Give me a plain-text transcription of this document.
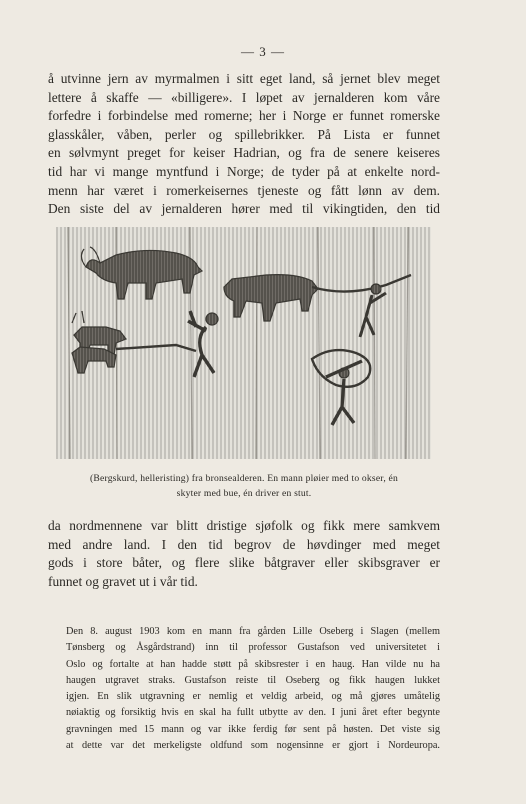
— 3 —

å utvinne jern av myrmalmen i sitt eget land, så jernet blev meget
lettere å skaffe — «billigere». I løpet av jernalderen kom våre
forfedre i forbindelse med romerne; her i Norge er funnet romerske
glasskåler, våben, perler og spillebrikker. På Lista er funnet
en sølvmynt preget for keiser Hadrian, og fra de senere keiseres
tid har vi mange myntfund i Norge; de tyder på at enkelte nord-
menn har været i romerkeisernes tjeneste og fått lønn av dem.
Den siste del av jernalderen hører med til vikingtiden, den tid

(Bergskurd, helleristing) fra bronsealderen. En mann pløier med to okser, én
skyter med bue, én driver en stut.

da nordmennene var blitt dristige sjøfolk og fikk mere samkvem
med andre land. I den tid begrov de høvdinger med meget
gods i store båter, og flere slike båtgraver eller skibsgraver er
funnet og gravet ut i vår tid.

Den 8. august 1903 kom en mann fra gården Lille Oseberg i Slagen (mellem
Tønsberg og Åsgårdstrand) inn til professor Gustafson ved universitetet i
Oslo og fortalte at han hadde støtt på skibsrester i en haug. Han vilde nu ha
haugen utgravet straks. Gustafson reiste til Oseberg og fikk haugen lukket
igjen. En slik utgravning er nemlig et veldig arbeid, og må gjøres umåtelig
nøiaktig og forsiktig hvis en skal ha fullt utbytte av den. I juni året efter begynte
gravningen med 15 mann og var ikke ferdig før sent på høsten. Det viste sig
at dette var det merkeligste oldfund som nogensinne er gjort i Nordeuropa.
